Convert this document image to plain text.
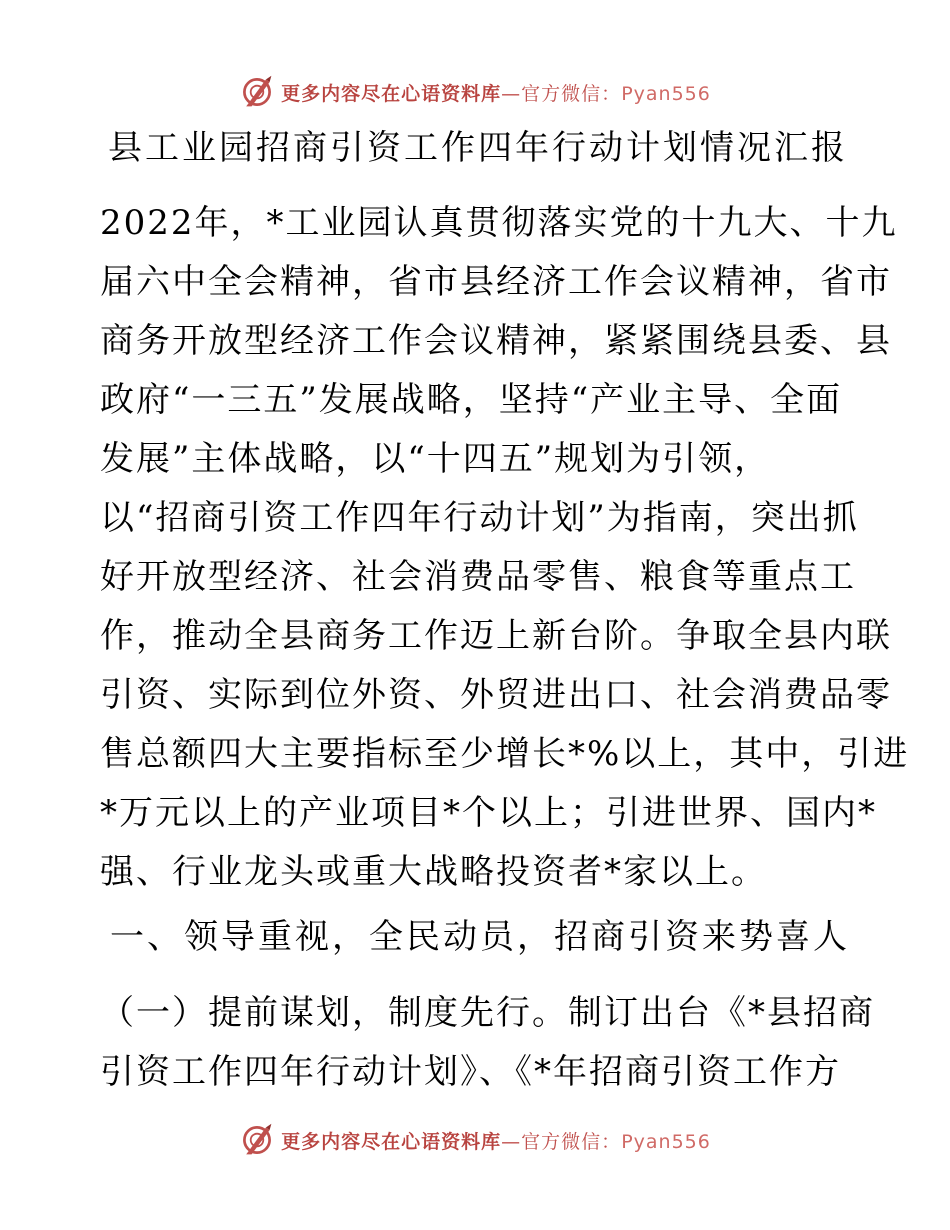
更多内容尽在心语资料库—官方微信：Pyan556
县工业园招商引资工作四年行动计划情况汇报

2022年，*工业园认真贯彻落实党的十九大、十九
届六中全会精神，省市县经济工作会议精神，省市
商务开放型经济工作会议精神，紧紧围绕县委、县
政府“一三五”发展战略，坚持“产业主导、全面
发展”主体战略，以“十四五”规划为引领，
以“招商引资工作四年行动计划”为指南，突出抓
好开放型经济、社会消费品零售、粮食等重点工
作，推动全县商务工作迈上新台阶。争取全县内联
引资、实际到位外资、外贸进出口、社会消费品零
售总额四大主要指标至少增长*%以上，其中，引进
*万元以上的产业项目*个以上；引进世界、国内*
强、行业龙头或重大战略投资者*家以上。

一、领导重视，全民动员，招商引资来势喜人

（一）提前谋划，制度先行。制订出台《*县招商
引资工作四年行动计划》、《*年招商引资工作方

更多内容尽在心语资料库—官方微信：Pyan556
